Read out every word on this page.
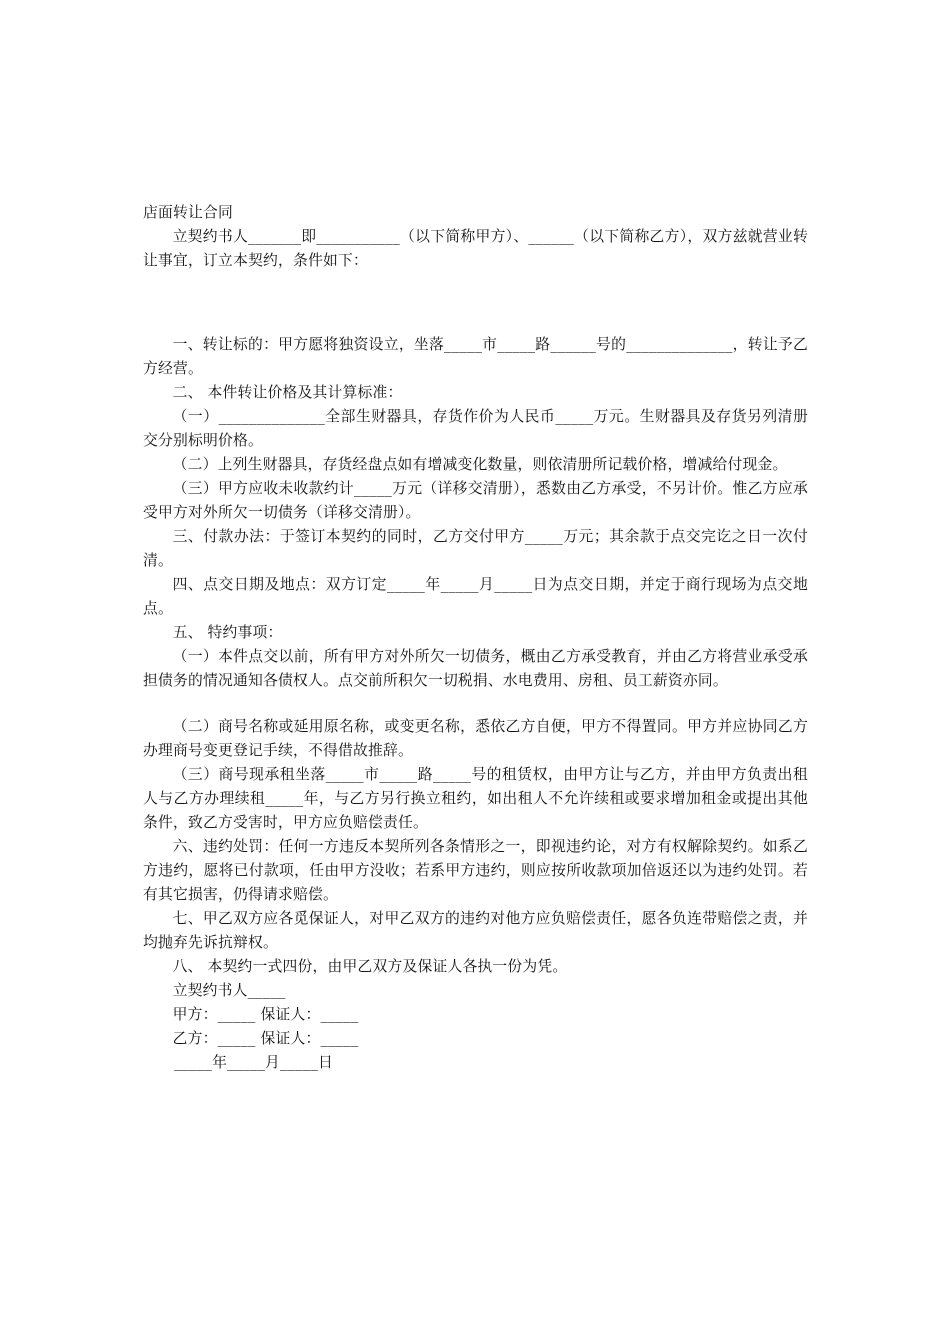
店面转让合同

立契约书人_______即___________（以下简称甲方）、______（以下简称乙方），双方兹就营业转让事宜，订立本契约，条件如下：

一、转让标的：甲方愿将独资设立，坐落_____市_____路______号的______________，转让予乙方经营。

二、 本件转让价格及其计算标准：

（一）______________全部生财器具，存货作价为人民币_____万元。生财器具及存货另列清册交分别标明价格。

（二）上列生财器具，存货经盘点如有增减变化数量，则依清册所记载价格，增减给付现金。

（三）甲方应收未收款约计_____万元（详移交清册），悉数由乙方承受，不另计价。惟乙方应承受甲方对外所欠一切债务（详移交清册）。

三、付款办法：于签订本契约的同时，乙方交付甲方_____万元；其余款于点交完讫之日一次付清。

四、点交日期及地点：双方订定_____年_____月_____日为点交日期，并定于商行现场为点交地点。

五、 特约事项：

（一）本件点交以前，所有甲方对外所欠一切债务，概由乙方承受教育，并由乙方将营业承受承担债务的情况通知各债权人。点交前所积欠一切税捐、水电费用、房租、员工薪资亦同。

（二）商号名称或延用原名称，或变更名称，悉依乙方自便，甲方不得置同。甲方并应协同乙方办理商号变更登记手续，不得借故推辞。

（三）商号现承租坐落_____市_____路_____号的租赁权，由甲方让与乙方，并由甲方负责出租人与乙方办理续租_____年，与乙方另行换立租约，如出租人不允许续租或要求增加租金或提出其他条件，致乙方受害时，甲方应负赔偿责任。

六、违约处罚：任何一方违反本契所列各条情形之一，即视违约论，对方有权解除契约。如系乙方违约，愿将已付款项，任由甲方没收；若系甲方违约，则应按所收款项加倍返还以为违约处罚。若有其它损害，仍得请求赔偿。

七、甲乙双方应各觅保证人，对甲乙双方的违约对他方应负赔偿责任，愿各负连带赔偿之责，并均抛弃先诉抗辩权。

八、 本契约一式四份，由甲乙双方及保证人各执一份为凭。

立契约书人_____

甲方：_____ 保证人：_____

乙方：_____ 保证人：_____

_____年_____月_____日
